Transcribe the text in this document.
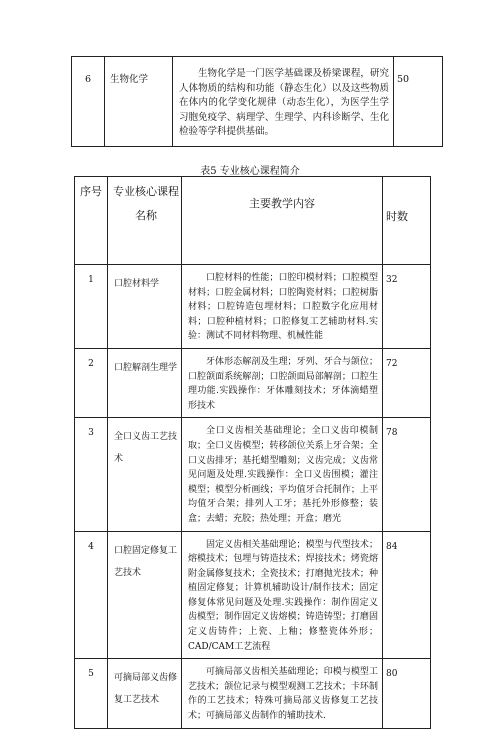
6	生物化学	生物化学是一门医学基础课及桥梁课程，研究人体物质的结构和功能（静态生化）以及这些物质在体内的化学变化规律（动态生化），为医学生学习胞免疫学、病理学、生理学、内科诊断学、生化检验等学科提供基础。	50
表5 专业核心课程简介
序号	专业核心课程名称	主要教学内容	时数
1	口腔材料学	口腔材料的性能；口腔印模材料；口腔模型材料；口腔金属材料；口腔陶瓷材料；口腔树脂材料；口腔铸造包埋材料；口腔数字化应用材料；口腔种植材料；口腔修复工艺辅助材料.实验：测试不同材料物理、机械性能	32
2	口腔解剖生理学	牙体形态解剖及生理；牙列、牙合与颌位；口腔颌面系统解剖；口腔颌面局部解剖；口腔生理功能.实践操作：牙体雕刻技术；牙体滴蜡塑形技术	72
3	全口义齿工艺技术	全口义齿相关基础理论；全口义齿印模制取；全口义齿模型；转移颌位关系上牙合架；全口义齿排牙；基托蜡型雕刻；义齿完成；义齿常见问题及处理.实践操作：全口义齿围模；灌注模型；模型分析画线；平均值牙合托制作；上平均值牙合架；排列人工牙；基托外形修整；装盒；去蜡；充胶；热处理；开盒；磨光	78
4	口腔固定修复工艺技术	固定义齿相关基础理论；模型与代型技术；熔模技术；包埋与铸造技术；焊接技术；烤瓷熔附金属修复技术；全瓷技术；打磨抛光技术；种植固定修复；计算机辅助设计/制作技术；固定修复体常见问题及处理.实践操作：制作固定义齿模型；制作固定义齿熔模；铸造铸型；打磨固定义齿铸件；上瓷、上釉；修整瓷体外形；CAD/CAM工艺流程	84
5	可摘局部义齿修复工艺技术	可摘局部义齿相关基础理论；印模与模型工艺技术；颌位记录与模型观测工艺技术；卡环制作的工艺技术；特殊可摘局部义齿修复工艺技术；可摘局部义齿制作的辅助技术.	80
